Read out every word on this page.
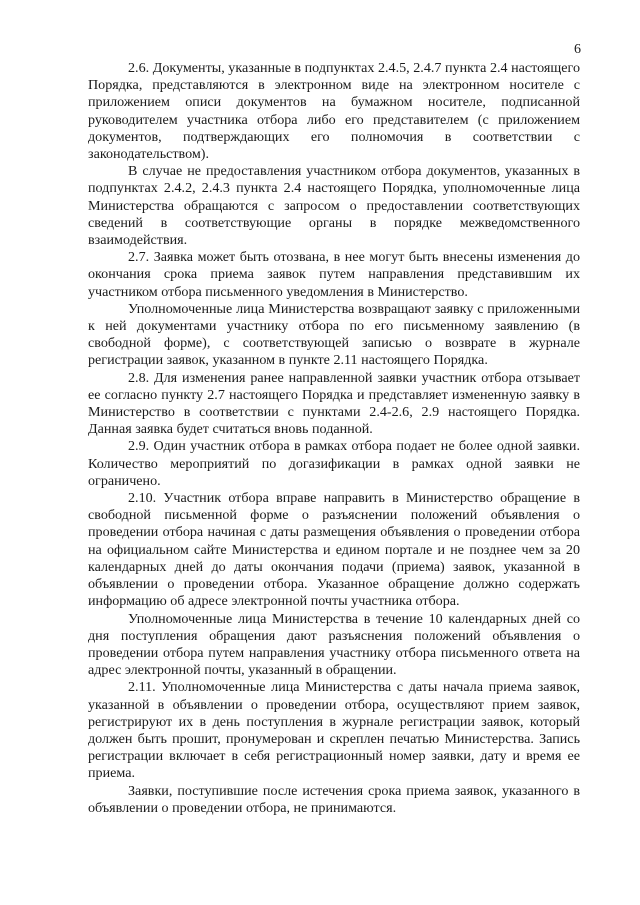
6

2.6. Документы, указанные в подпунктах 2.4.5, 2.4.7 пункта 2.4 настоящего Порядка, представляются в электронном виде на электронном носителе с приложением описи документов на бумажном носителе, подписанной руководителем участника отбора либо его представителем (с приложением документов, подтверждающих его полномочия в соответствии с законодательством).

В случае не предоставления участником отбора документов, указанных в подпунктах 2.4.2, 2.4.3 пункта 2.4 настоящего Порядка, уполномоченные лица Министерства обращаются с запросом о предоставлении соответствующих сведений в соответствующие органы в порядке межведомственного взаимодействия.

2.7. Заявка может быть отозвана, в нее могут быть внесены изменения до окончания срока приема заявок путем направления представившим их участником отбора письменного уведомления в Министерство.

Уполномоченные лица Министерства возвращают заявку с приложенными к ней документами участнику отбора по его письменному заявлению (в свободной форме), с соответствующей записью о возврате в журнале регистрации заявок, указанном в пункте 2.11 настоящего Порядка.

2.8. Для изменения ранее направленной заявки участник отбора отзывает ее согласно пункту 2.7 настоящего Порядка и представляет измененную заявку в Министерство в соответствии с пунктами 2.4-2.6, 2.9 настоящего Порядка. Данная заявка будет считаться вновь поданной.

2.9. Один участник отбора в рамках отбора подает не более одной заявки. Количество мероприятий по догазификации в рамках одной заявки не ограничено.

2.10. Участник отбора вправе направить в Министерство обращение в свободной письменной форме о разъяснении положений объявления о проведении отбора начиная с даты размещения объявления о проведении отбора на официальном сайте Министерства и едином портале и не позднее чем за 20 календарных дней до даты окончания подачи (приема) заявок, указанной в объявлении о проведении отбора. Указанное обращение должно содержать информацию об адресе электронной почты участника отбора.

Уполномоченные лица Министерства в течение 10 календарных дней со дня поступления обращения дают разъяснения положений объявления о проведении отбора путем направления участнику отбора письменного ответа на адрес электронной почты, указанный в обращении.

2.11. Уполномоченные лица Министерства с даты начала приема заявок, указанной в объявлении о проведении отбора, осуществляют прием заявок, регистрируют их в день поступления в журнале регистрации заявок, который должен быть прошит, пронумерован и скреплен печатью Министерства. Запись регистрации включает в себя регистрационный номер заявки, дату и время ее приема.

Заявки, поступившие после истечения срока приема заявок, указанного в объявлении о проведении отбора, не принимаются.
